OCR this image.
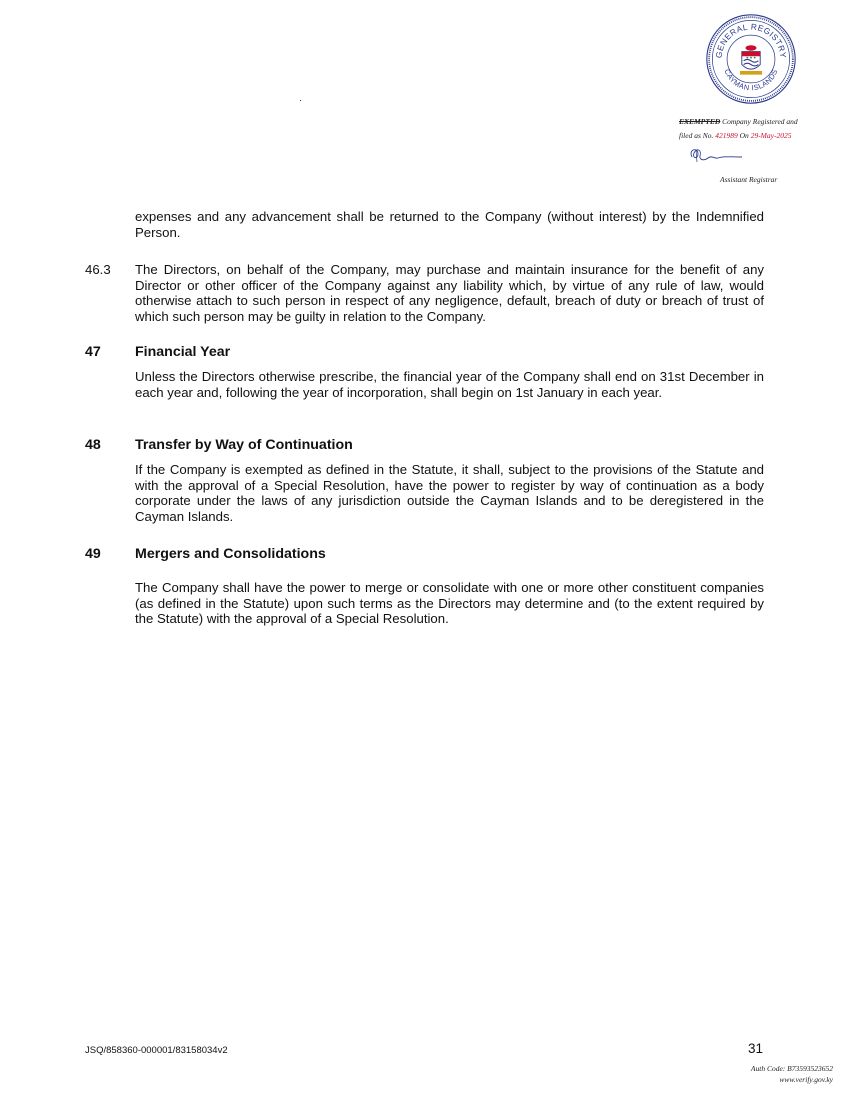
GENERAL REGISTRY
CAYMAN ISLANDS
EXEMPTED Company Registered and
filed as No. 421989 On 29-May-2025
Assistant Registrar

expenses and any advancement shall be returned to the Company (without interest) by the Indemnified Person.

46.3 The Directors, on behalf of the Company, may purchase and maintain insurance for the benefit of any Director or other officer of the Company against any liability which, by virtue of any rule of law, would otherwise attach to such person in respect of any negligence, default, breach of duty or breach of trust of which such person may be guilty in relation to the Company.

47 Financial Year

Unless the Directors otherwise prescribe, the financial year of the Company shall end on 31st December in each year and, following the year of incorporation, shall begin on 1st January in each year.

48 Transfer by Way of Continuation

If the Company is exempted as defined in the Statute, it shall, subject to the provisions of the Statute and with the approval of a Special Resolution, have the power to register by way of continuation as a body corporate under the laws of any jurisdiction outside the Cayman Islands and to be deregistered in the Cayman Islands.

49 Mergers and Consolidations

The Company shall have the power to merge or consolidate with one or more other constituent companies (as defined in the Statute) upon such terms as the Directors may determine and (to the extent required by the Statute) with the approval of a Special Resolution.

JSQ/858360-000001/83158034v2	31
Auth Code: B73593523652
www.verify.gov.ky
